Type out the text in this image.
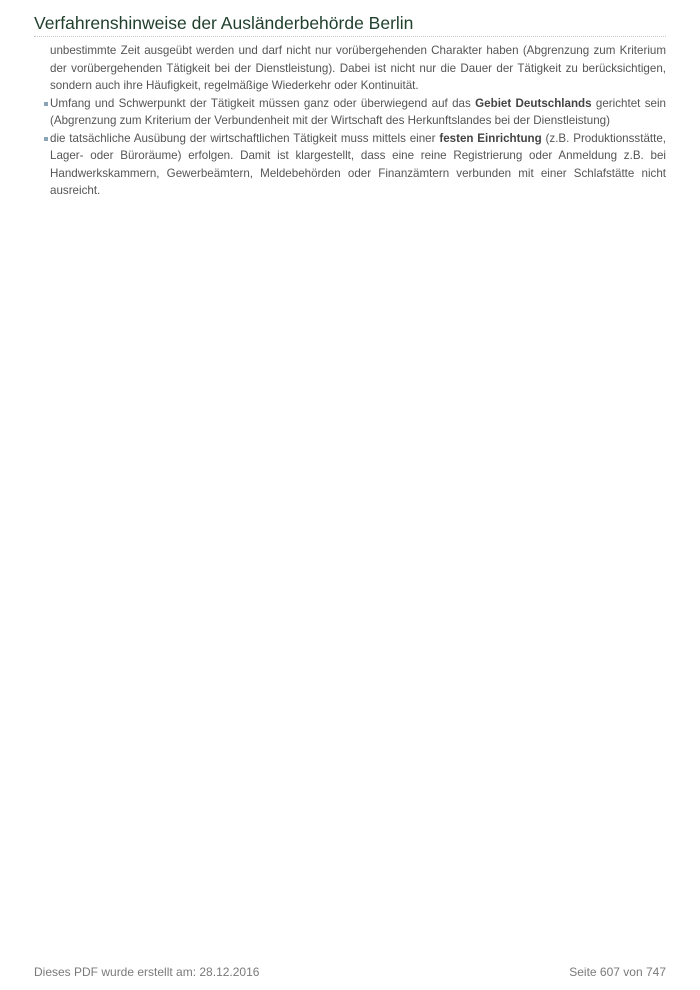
Verfahrenshinweise der Ausländerbehörde Berlin

unbestimmte Zeit ausgeübt werden und darf nicht nur vorübergehenden Charakter haben (Abgrenzung zum Kriterium der vorübergehenden Tätigkeit bei der Dienstleistung). Dabei ist nicht nur die Dauer der Tätigkeit zu berücksichtigen, sondern auch ihre Häufigkeit, regelmäßige Wiederkehr oder Kontinuität.

Umfang und Schwerpunkt der Tätigkeit müssen ganz oder überwiegend auf das Gebiet Deutschlands gerichtet sein (Abgrenzung zum Kriterium der Verbundenheit mit der Wirtschaft des Herkunftslandes bei der Dienstleistung)

die tatsächliche Ausübung der wirtschaftlichen Tätigkeit muss mittels einer festen Einrichtung (z.B. Produktionsstätte, Lager- oder Büroräume) erfolgen. Damit ist klargestellt, dass eine reine Registrierung oder Anmeldung z.B. bei Handwerkskammern, Gewerbeämtern, Meldebehörden oder Finanzämtern verbunden mit einer Schlafstätte nicht ausreicht.

Dieses PDF wurde erstellt am: 28.12.2016	Seite 607 von 747
